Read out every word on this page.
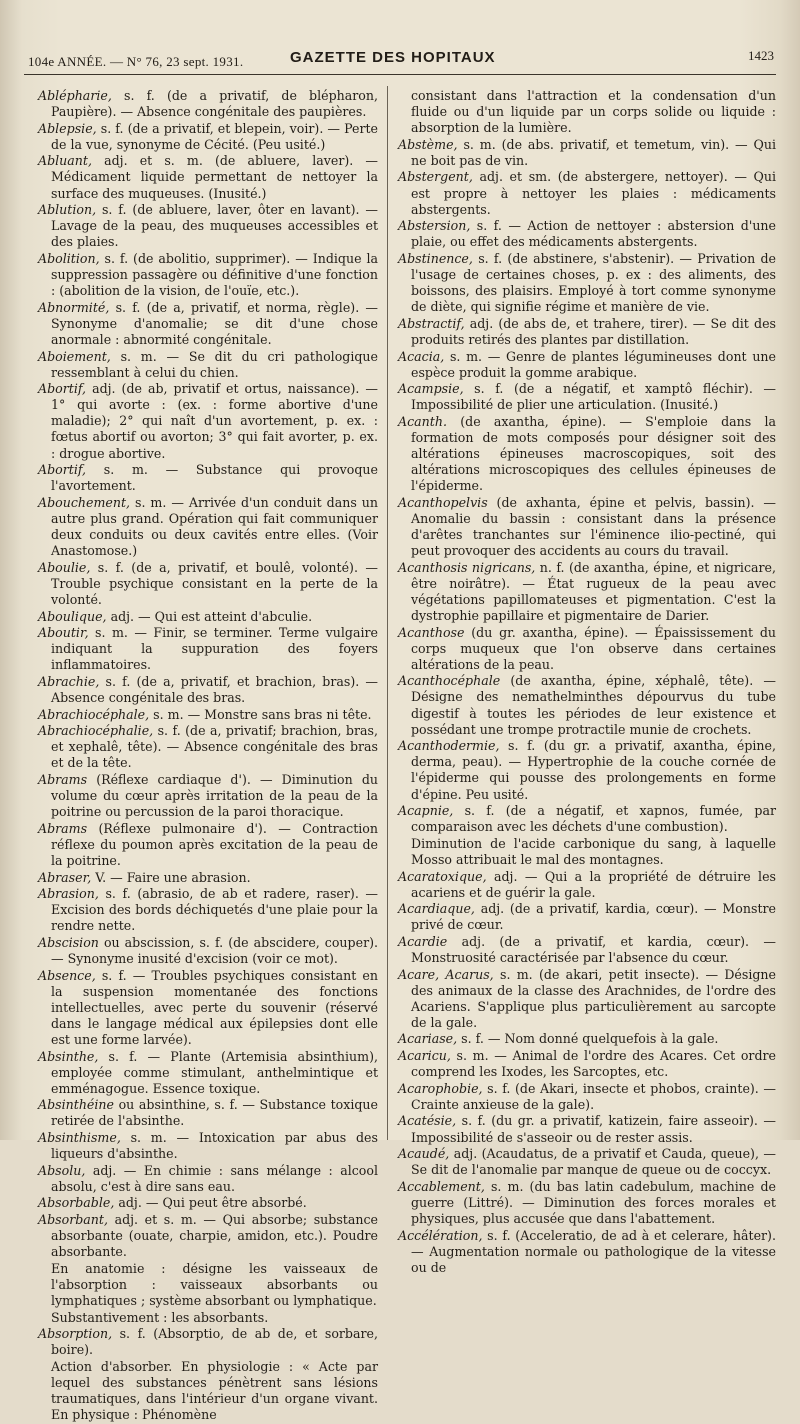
104e ANNÉE. — N° 76, 23 sept. 1931.	GAZETTE DES HOPITAUX	1423

Ablépharie, s. f. (de a privatif, de blépharon, Paupière). — Absence congénitale des paupières.

Ablepsie, s. f. (de a privatif, et blepein, voir). — Perte de la vue, synonyme de Cécité. (Peu usité.)

Abluant, adj. et s. m. (de abluere, laver). — Médicament liquide permettant de nettoyer la surface des muqueuses. (Inusité.)

Ablution, s. f. (de abluere, laver, ôter en lavant). — Lavage de la peau, des muqueuses accessibles et des plaies.

Abolition, s. f. (de abolitio, supprimer). — Indique la suppression passagère ou définitive d'une fonction : (abolition de la vision, de l'ouïe, etc.).

Abnormité, s. f. (de a, privatif, et norma, règle). — Synonyme d'anomalie; se dit d'une chose anormale : abnormité congénitale.

Aboiement, s. m. — Se dit du cri pathologique ressemblant à celui du chien.

Abortif, adj. (de ab, privatif et ortus, naissance). — 1° qui avorte : (ex. : forme abortive d'une maladie); 2° qui naît d'un avortement, p. ex. : fœtus abortif ou avorton; 3° qui fait avorter, p. ex. : drogue abortive.

Abortif, s. m. — Substance qui provoque l'avortement.

Abouchement, s. m. — Arrivée d'un conduit dans un autre plus grand. Opération qui fait communiquer deux conduits ou deux cavités entre elles. (Voir Anastomose.)

Aboulie, s. f. (de a, privatif, et boulê, volonté). — Trouble psychique consistant en la perte de la volonté.

Aboulique, adj. — Qui est atteint d'abculie.

Aboutir, s. m. — Finir, se terminer. Terme vulgaire indiquant la suppuration des foyers inflammatoires.

Abrachie, s. f. (de a, privatif, et brachion, bras). — Absence congénitale des bras.

Abrachiocéphale, s. m. — Monstre sans bras ni tête.

Abrachiocéphalie, s. f. (de a, privatif; brachion, bras, et xephalê, tête). — Absence congénitale des bras et de la tête.

Abrams (Réflexe cardiaque d'). — Diminution du volume du cœur après irritation de la peau de la poitrine ou percussion de la paroi thoracique.

Abrams (Réflexe pulmonaire d'). — Contraction réflexe du poumon après excitation de la peau de la poitrine.

Abraser, V. — Faire une abrasion.

Abrasion, s. f. (abrasio, de ab et radere, raser). — Excision des bords déchiquetés d'une plaie pour la rendre nette.

Abscision ou abscission, s. f. (de abscidere, couper). — Synonyme inusité d'excision (voir ce mot).

Absence, s. f. — Troubles psychiques consistant en la suspension momentanée des fonctions intellectuelles, avec perte du souvenir (réservé dans le langage médical aux épilepsies dont elle est une forme larvée).

Absinthe, s. f. — Plante (Artemisia absinthium), employée comme stimulant, anthelmintique et emménagogue. Essence toxique.

Absinthéine ou absinthine, s. f. — Substance toxique retirée de l'absinthe.

Absinthisme, s. m. — Intoxication par abus des liqueurs d'absinthe.

Absolu, adj. — En chimie : sans mélange : alcool absolu, c'est à dire sans eau.

Absorbable, adj. — Qui peut être absorbé.

Absorbant, adj. et s. m. — Qui absorbe; substance absorbante (ouate, charpie, amidon, etc.). Poudre absorbante.

En anatomie : désigne les vaisseaux de l'absorption : vaisseaux absorbants ou lymphatiques ; système absorbant ou lymphatique.

Substantivement : les absorbants.

Absorption, s. f. (Absorptio, de ab de, et sorbare, boire).

Action d'absorber. En physiologie : « Acte par lequel des substances pénètrent sans lésions traumatiques, dans l'intérieur d'un organe vivant. En physique : Phénomène

consistant dans l'attraction et la condensation d'un fluide ou d'un liquide par un corps solide ou liquide : absorption de la lumière.

Abstème, s. m. (de abs. privatif, et temetum, vin). — Qui ne boit pas de vin.

Abstergent, adj. et sm. (de abstergere, nettoyer). — Qui est propre à nettoyer les plaies : médicaments abstergents.

Abstersion, s. f. — Action de nettoyer : abstersion d'une plaie, ou effet des médicaments abstergents.

Abstinence, s. f. (de abstinere, s'abstenir). — Privation de l'usage de certaines choses, p. ex : des aliments, des boissons, des plaisirs. Employé à tort comme synonyme de diète, qui signifie régime et manière de vie.

Abstractif, adj. (de abs de, et trahere, tirer). — Se dit des produits retirés des plantes par distillation.

Acacia, s. m. — Genre de plantes légumineuses dont une espèce produit la gomme arabique.

Acampsie, s. f. (de a négatif, et xamptô fléchir). — Impossibilité de plier une articulation. (Inusité.)

Acanth. (de axantha, épine). — S'emploie dans la formation de mots composés pour désigner soit des altérations épineuses macroscopiques, soit des altérations microscopiques des cellules épineuses de l'épiderme.

Acanthopelvis (de axhanta, épine et pelvis, bassin). — Anomalie du bassin : consistant dans la présence d'arêtes tranchantes sur l'éminence ilio-pectiné, qui peut provoquer des accidents au cours du travail.

Acanthosis nigricans, n. f. (de axantha, épine, et nigricare, être noirâtre). — État rugueux de la peau avec végétations papillomateuses et pigmentation. C'est la dystrophie papillaire et pigmentaire de Darier.

Acanthose (du gr. axantha, épine). — Épaississement du corps muqueux que l'on observe dans certaines altérations de la peau.

Acanthocéphale (de axantha, épine, xéphalê, tête). — Désigne des nemathelminthes dépourvus du tube digestif à toutes les périodes de leur existence et possédant une trompe protractile munie de crochets.

Acanthodermie, s. f. (du gr. a privatif, axantha, épine, derma, peau). — Hypertrophie de la couche cornée de l'épiderme qui pousse des prolongements en forme d'épine. Peu usité.

Acapnie, s. f. (de a négatif, et xapnos, fumée, par comparaison avec les déchets d'une combustion).

Diminution de l'acide carbonique du sang, à laquelle Mosso attribuait le mal des montagnes.

Acaratoxique, adj. — Qui a la propriété de détruire les acariens et de guérir la gale.

Acardiaque, adj. (de a privatif, kardia, cœur). — Monstre privé de cœur.

Acardie adj. (de a privatif, et kardia, cœur). — Monstruosité caractérisée par l'absence du cœur.

Acare, Acarus, s. m. (de akari, petit insecte). — Désigne des animaux de la classe des Arachnides, de l'ordre des Acariens. S'applique plus particulièrement au sarcopte de la gale.

Acariase, s. f. — Nom donné quelquefois à la gale.

Acaricu, s. m. — Animal de l'ordre des Acares. Cet ordre comprend les Ixodes, les Sarcoptes, etc.

Acarophobie, s. f. (de Akari, insecte et phobos, crainte). — Crainte anxieuse de la gale).

Acatésie, s. f. (du gr. a privatif, katizein, faire asseoir). — Impossibilité de s'asseoir ou de rester assis.

Acaudé, adj. (Acaudatus, de a privatif et Cauda, queue), — Se dit de l'anomalie par manque de queue ou de coccyx.

Accablement, s. m. (du bas latin cadebulum, machine de guerre (Littré). — Diminution des forces morales et physiques, plus accusée que dans l'abattement.

Accélération, s. f. (Acceleratio, de ad à et celerare, hâter). — Augmentation normale ou pathologique de la vitesse ou de
